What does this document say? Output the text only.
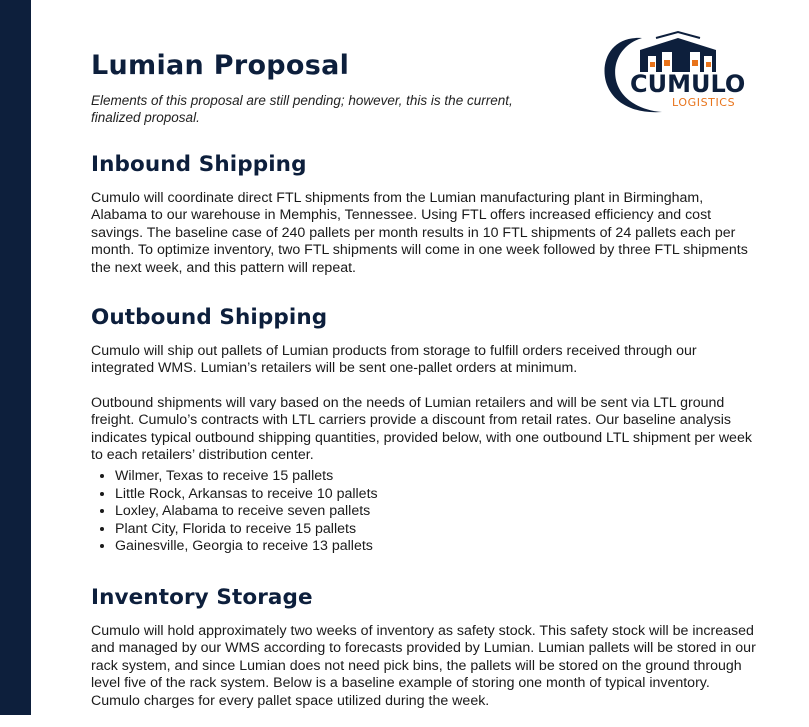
Lumian Proposal

Elements of this proposal are still pending; however, this is the current, finalized proposal.

CUMULO
LOGISTICS
Inbound Shipping

Cumulo will coordinate direct FTL shipments from the Lumian manufacturing plant in Birmingham, Alabama to our warehouse in Memphis, Tennessee. Using FTL offers increased efficiency and cost savings. The baseline case of 240 pallets per month results in 10 FTL shipments of 24 pallets each per month. To optimize inventory, two FTL shipments will come in one week followed by three FTL shipments the next week, and this pattern will repeat.

Outbound Shipping

Cumulo will ship out pallets of Lumian products from storage to fulfill orders received through our integrated WMS. Lumian’s retailers will be sent one-pallet orders at minimum.

Outbound shipments will vary based on the needs of Lumian retailers and will be sent via LTL ground freight. Cumulo’s contracts with LTL carriers provide a discount from retail rates. Our baseline analysis indicates typical outbound shipping quantities, provided below, with one outbound LTL shipment per week to each retailers’ distribution center.

• Wilmer, Texas to receive 15 pallets
• Little Rock, Arkansas to receive 10 pallets
• Loxley, Alabama to receive seven pallets
• Plant City, Florida to receive 15 pallets
• Gainesville, Georgia to receive 13 pallets
Inventory Storage

Cumulo will hold approximately two weeks of inventory as safety stock. This safety stock will be increased and managed by our WMS according to forecasts provided by Lumian. Lumian pallets will be stored in our rack system, and since Lumian does not need pick bins, the pallets will be stored on the ground through level five of the rack system. Below is a baseline example of storing one month of typical inventory. Cumulo charges for every pallet space utilized during the week.
